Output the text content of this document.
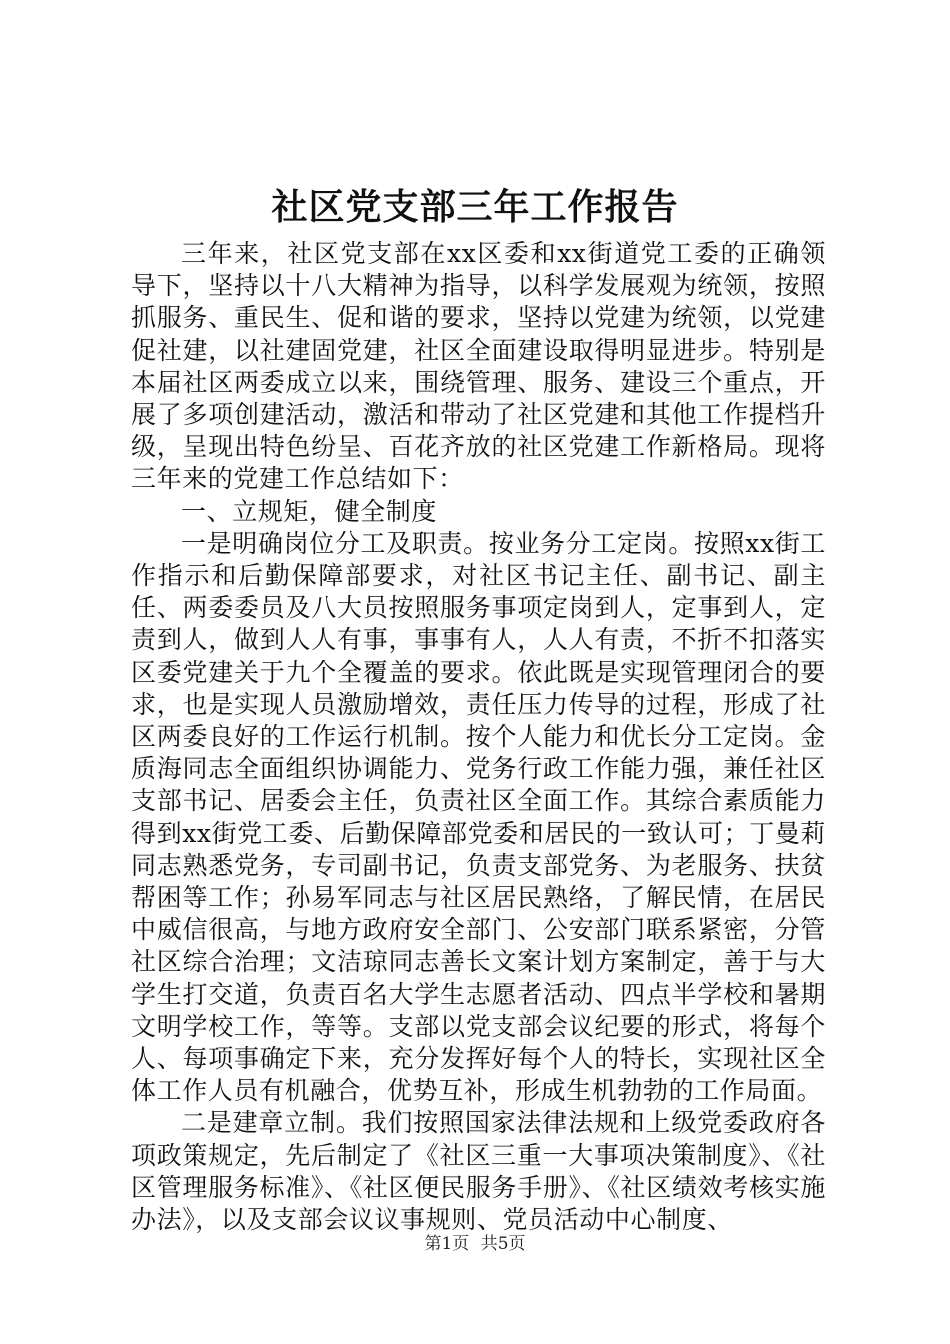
社区党支部三年工作报告

三年来，社区党支部在xx区委和xx街道党工委的正确领导下，坚持以十八大精神为指导，以科学发展观为统领，按照抓服务、重民生、促和谐的要求，坚持以党建为统领，以党建促社建，以社建固党建，社区全面建设取得明显进步。特别是本届社区两委成立以来，围绕管理、服务、建设三个重点，开展了多项创建活动，激活和带动了社区党建和其他工作提档升级，呈现出特色纷呈、百花齐放的社区党建工作新格局。现将三年来的党建工作总结如下：

一、立规矩，健全制度

一是明确岗位分工及职责。按业务分工定岗。按照xx街工作指示和后勤保障部要求，对社区书记主任、副书记、副主任、两委委员及八大员按照服务事项定岗到人，定事到人，定责到人，做到人人有事，事事有人，人人有责，不折不扣落实区委党建关于九个全覆盖的要求。依此既是实现管理闭合的要求，也是实现人员激励增效，责任压力传导的过程，形成了社区两委良好的工作运行机制。按个人能力和优长分工定岗。金质海同志全面组织协调能力、党务行政工作能力强，兼任社区支部书记、居委会主任，负责社区全面工作。其综合素质能力得到xx街党工委、后勤保障部党委和居民的一致认可；丁曼莉同志熟悉党务，专司副书记，负责支部党务、为老服务、扶贫帮困等工作；孙易军同志与社区居民熟络，了解民情，在居民中威信很高，与地方政府安全部门、公安部门联系紧密，分管社区综合治理；文洁琼同志善长文案计划方案制定，善于与大学生打交道，负责百名大学生志愿者活动、四点半学校和暑期文明学校工作，等等。支部以党支部会议纪要的形式，将每个人、每项事确定下来，充分发挥好每个人的特长，实现社区全体工作人员有机融合，优势互补，形成生机勃勃的工作局面。

二是建章立制。我们按照国家法律法规和上级党委政府各项政策规定，先后制定了《社区三重一大事项决策制度》、《社区管理服务标准》、《社区便民服务手册》、《社区绩效考核实施办法》，以及支部会议议事规则、党员活动中心制度、

第1页 共5页
